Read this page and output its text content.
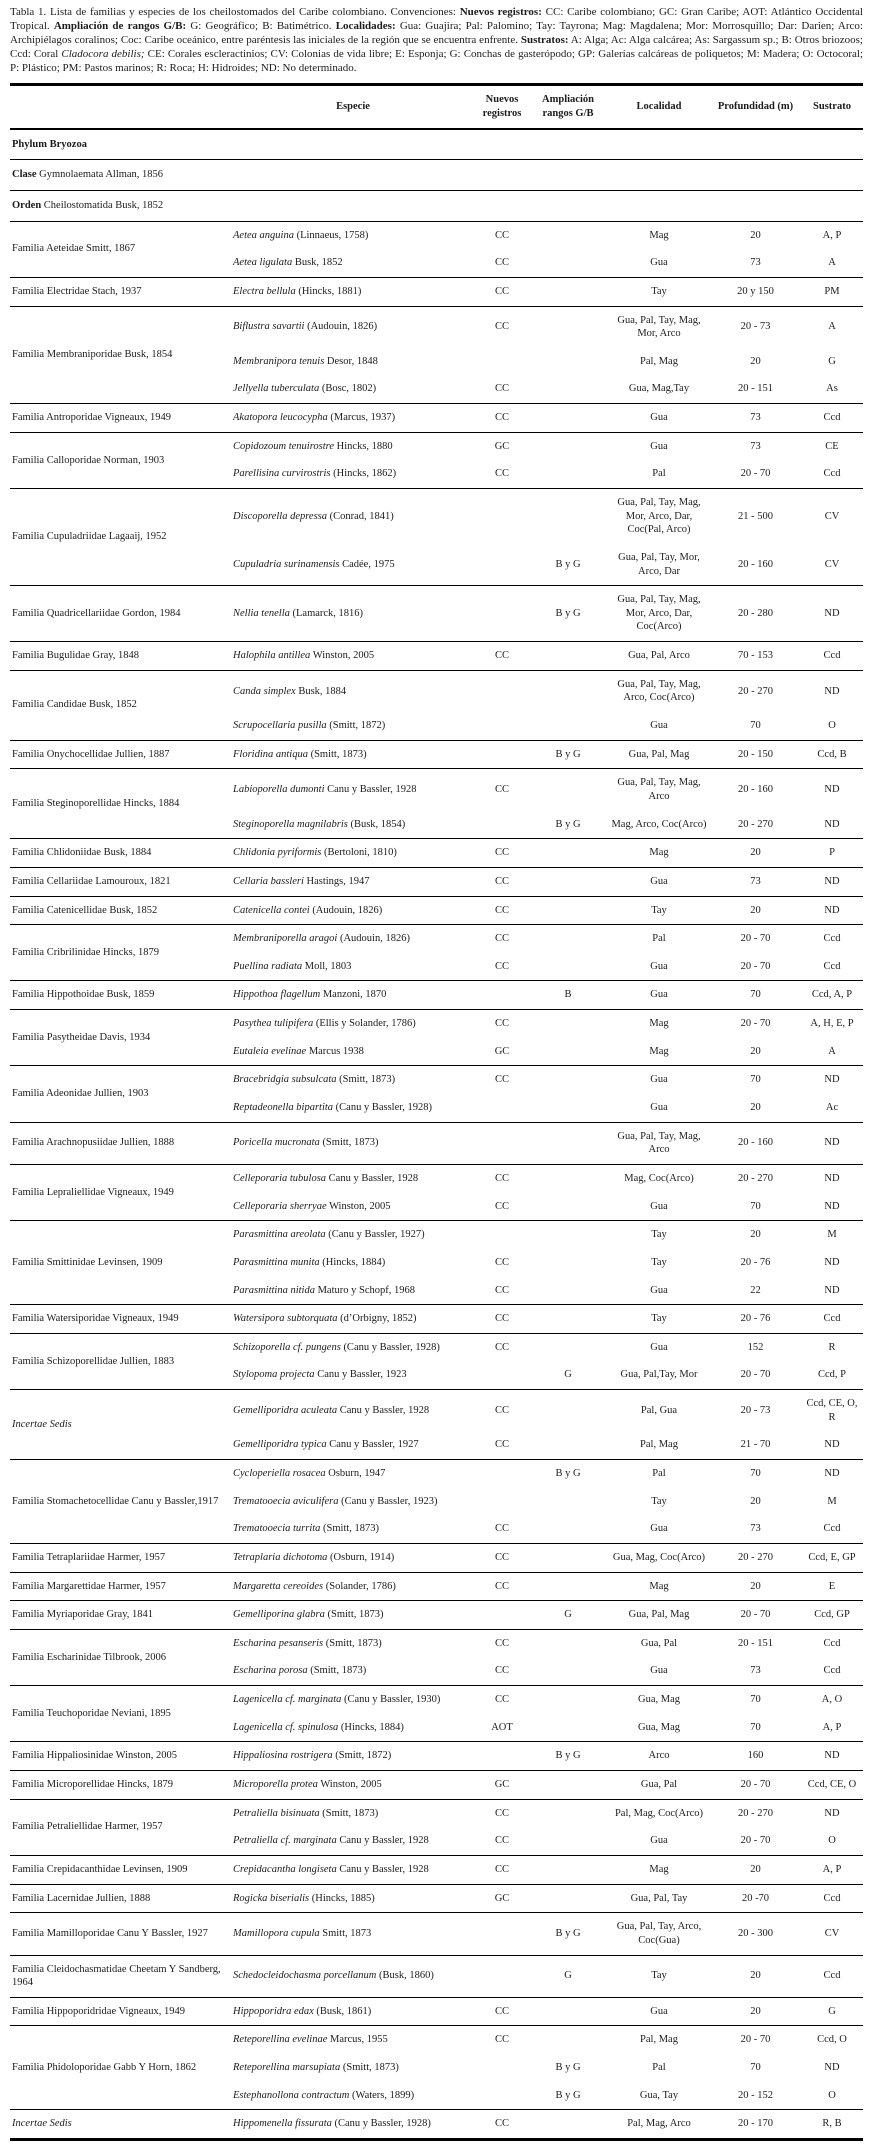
Tabla 1. Lista de familias y especies de los cheilostomados del Caribe colombiano. Convenciones: Nuevos registros: CC: Caribe colombiano; GC: Gran Caribe; AOT: Atlántico Occidental Tropical. Ampliación de rangos G/B: G: Geográfico; B: Batimétrico. Localidades: Gua: Guajira; Pal: Palomino; Tay: Tayrona; Mag: Magdalena; Mor: Morrosquillo; Dar: Darien; Arco: Archipiélagos coralinos; Coc: Caribe oceánico, entre paréntesis las iniciales de la región que se encuentra enfrente. Sustratos: A: Alga; Ac: Alga calcárea; As: Sargassum sp.; B: Otros briozoos; Ccd: Coral Cladocora debilis; CE: Corales escleractinios; CV: Colonias de vida libre; E: Esponja; G: Conchas de gasterópodo; GP: Galerías calcáreas de poliquetos; M: Madera; O: Octocoral; P: Plástico; PM: Pastos marinos; R: Roca; H: Hidroides; ND: No determinado.

	Especie	Nuevos registros	Ampliación rangos G/B	Localidad	Profundidad (m)	Sustrato
Phylum Bryozoa						
Clase Gymnolaemata Allman, 1856						
Orden Cheilostomatida Busk, 1852						
Familia Aeteidae Smitt, 1867	Aetea anguina (Linnaeus, 1758)	CC		Mag	20	A, P
	Aetea ligulata Busk, 1852	CC		Gua	73	A
Familia Electridae Stach, 1937	Electra bellula (Hincks, 1881)	CC		Tay	20 y 150	PM
Familia Membraniporidae Busk, 1854	Biflustra savartii (Audouin, 1826)	CC		Gua, Pal, Tay, Mag, Mor, Arco	20 - 73	A
	Membranipora tenuis Desor, 1848			Pal, Mag	20	G
	Jellyella tuberculata (Bosc, 1802)	CC		Gua, Mag,Tay	20 - 151	As
Familia Antroporidae Vigneaux, 1949	Akatopora leucocypha (Marcus, 1937)	CC		Gua	73	Ccd
Familia Calloporidae Norman, 1903	Copidozoum tenuirostre Hincks, 1880	GC		Gua	73	CE
	Parellisina curvirostris (Hincks, 1862)	CC		Pal	20 - 70	Ccd
Familia Cupuladriidae Lagaaij, 1952	Discoporella depressa (Conrad, 1841)			Gua, Pal, Tay, Mag, Mor, Arco, Dar, Coc(Pal, Arco)	21 - 500	CV
	Cupuladria surinamensis Cadée, 1975		B y G	Gua, Pal, Tay, Mor, Arco, Dar	20 - 160	CV
Familia Quadricellariidae Gordon, 1984	Nellia tenella (Lamarck, 1816)		B y G	Gua, Pal, Tay, Mag, Mor, Arco, Dar, Coc(Arco)	20 - 280	ND
Familia Bugulidae Gray, 1848	Halophila antillea Winston, 2005	CC		Gua, Pal, Arco	70 - 153	Ccd
Familia Candidae Busk, 1852	Canda simplex Busk, 1884			Gua, Pal, Tay, Mag, Arco, Coc(Arco)	20 - 270	ND
	Scrupocellaria pusilla (Smitt, 1872)			Gua	70	O
Familia Onychocellidae Jullien, 1887	Floridina antiqua (Smitt, 1873)		B y G	Gua, Pal, Mag	20 - 150	Ccd, B
Familia Steginoporellidae Hincks, 1884	Labioporella dumonti Canu y Bassler, 1928	CC		Gua, Pal, Tay, Mag, Arco	20 - 160	ND
	Steginoporella magnilabris (Busk, 1854)		B y G	Mag, Arco, Coc(Arco)	20 - 270	ND
Familia Chlidoniidae Busk, 1884	Chlidonia pyriformis (Bertoloni, 1810)	CC		Mag	20	P
Familia Cellariidae Lamouroux, 1821	Cellaria bassleri Hastings, 1947	CC		Gua	73	ND
Familia Catenicellidae Busk, 1852	Catenicella contei (Audouin, 1826)	CC		Tay	20	ND
Familia Cribrilinidae Hincks, 1879	Membraniporella aragoi (Audouin, 1826)	CC		Pal	20 - 70	Ccd
	Puellina radiata Moll, 1803	CC		Gua	20 - 70	Ccd
Familia Hippothoidae Busk, 1859	Hippothoa flagellum Manzoni, 1870		B	Gua	70	Ccd, A, P
Familia Pasytheidae Davis, 1934	Pasythea tulipifera (Ellis y Solander, 1786)	CC		Mag	20 - 70	A, H, E, P
	Eutaleia evelinae Marcus 1938	GC		Mag	20	A
Familia Adeonidae Jullien, 1903	Bracebridgia subsulcata (Smitt, 1873)	CC		Gua	70	ND
	Reptadeonella bipartita (Canu y Bassler, 1928)			Gua	20	Ac
Familia Arachnopusiidae Jullien, 1888	Poricella mucronata (Smitt, 1873)			Gua, Pal, Tay, Mag, Arco	20 - 160	ND
Familia Lepraliellidae Vigneaux, 1949	Celleporaria tubulosa Canu y Bassler, 1928	CC		Mag, Coc(Arco)	20 - 270	ND
	Celleporaria sherryae Winston, 2005	CC		Gua	70	ND
Familia Smittinidae Levinsen, 1909	Parasmittina areolata (Canu y Bassler, 1927)			Tay	20	M
	Parasmittina munita (Hincks, 1884)	CC		Tay	20 - 76	ND
	Parasmittina nitida Maturo y Schopf, 1968	CC		Gua	22	ND
Familia Watersiporidae Vigneaux, 1949	Watersipora subtorquata (d’Orbigny, 1852)	CC		Tay	20 - 76	Ccd
Familia Schizoporellidae Jullien, 1883	Schizoporella cf. pungens (Canu y Bassler, 1928)	CC		Gua	152	R
	Stylopoma projecta Canu y Bassler, 1923		G	Gua, Pal,Tay, Mor	20 - 70	Ccd, P
Incertae Sedis	Gemelliporidra aculeata Canu y Bassler, 1928	CC		Pal, Gua	20 - 73	Ccd, CE, O, R
	Gemelliporidra typica Canu y Bassler, 1927	CC		Pal, Mag	21 - 70	ND
Familia Stomachetocellidae Canu y Bassler,1917	Cycloperiella rosacea Osburn, 1947		B y G	Pal	70	ND
	Trematooecia aviculifera (Canu y Bassler, 1923)			Tay	20	M
	Trematooecia turrita (Smitt, 1873)	CC		Gua	73	Ccd
Familia Tetraplariidae Harmer, 1957	Tetraplaria dichotoma (Osburn, 1914)	CC		Gua, Mag, Coc(Arco)	20 - 270	Ccd, E, GP
Familia Margarettidae Harmer, 1957	Margaretta cereoides (Solander, 1786)	CC		Mag	20	E
Familia Myriaporidae Gray, 1841	Gemelliporina glabra (Smitt, 1873)		G	Gua, Pal, Mag	20 - 70	Ccd, GP
Familia Escharinidae Tilbrook, 2006	Escharina pesanseris (Smitt, 1873)	CC		Gua, Pal	20 - 151	Ccd
	Escharina porosa (Smitt, 1873)	CC		Gua	73	Ccd
Familia Teuchoporidae Neviani, 1895	Lagenicella cf. marginata (Canu y Bassler, 1930)	CC		Gua, Mag	70	A, O
	Lagenicella cf. spinulosa (Hincks, 1884)	AOT		Gua, Mag	70	A, P
Familia Hippaliosinidae Winston, 2005	Hippaliosina rostrigera (Smitt, 1872)		B y G	Arco	160	ND
Familia Microporellidae Hincks, 1879	Microporella protea Winston, 2005	GC		Gua, Pal	20 - 70	Ccd, CE, O
Familia Petraliellidae Harmer, 1957	Petraliella bisinuata (Smitt, 1873)	CC		Pal, Mag, Coc(Arco)	20 - 270	ND
	Petraliella cf. marginata Canu y Bassler, 1928	CC		Gua	20 - 70	O
Familia Crepidacanthidae Levinsen, 1909	Crepidacantha longiseta Canu y Bassler, 1928	CC		Mag	20	A, P
Familia Lacernidae Jullien, 1888	Rogicka biserialis (Hincks, 1885)	GC		Gua, Pal, Tay	20 -70	Ccd
Familia Mamilloporidae Canu Y Bassler, 1927	Mamillopora cupula Smitt, 1873		B y G	Gua, Pal, Tay, Arco, Coc(Gua)	20 - 300	CV
Familia Cleidochasmatidae Cheetam Y Sandberg, 1964	Schedocleidochasma porcellanum (Busk, 1860)		G	Tay	20	Ccd
Familia Hippoporidridae Vigneaux, 1949	Hippoporidra edax (Busk, 1861)	CC		Gua	20	G
Familia Phidoloporidae Gabb Y Horn, 1862	Reteporellina evelinae Marcus, 1955	CC		Pal, Mag	20 - 70	Ccd, O
	Reteporellina marsupiata (Smitt, 1873)		B y G	Pal	70	ND
	Estephanollona contractum (Waters, 1899)		B y G	Gua, Tay	20 - 152	O
Incertae Sedis	Hippomenella fissurata (Canu y Bassler, 1928)	CC		Pal, Mag, Arco	20 - 170	R, B
